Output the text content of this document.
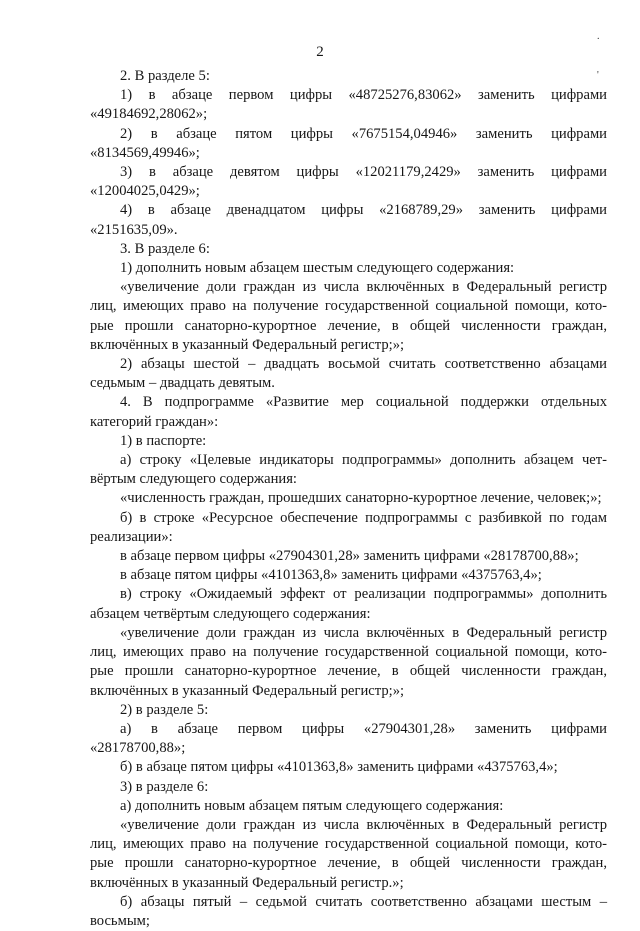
2
.
'

2. В разделе 5:

1) в абзаце первом цифры «48725276,83062» заменить цифрами

«49184692,28062»;

2) в абзаце пятом цифры «7675154,04946» заменить цифрами

«8134569,49946»;

3) в абзаце девятом цифры «12021179,2429» заменить цифрами

«12004025,0429»;

4) в абзаце двенадцатом цифры «2168789,29» заменить цифрами

«2151635,09».

3. В разделе 6:

1) дополнить новым абзацем шестым следующего содержания:

«увеличение доли граждан из числа включённых в Федеральный регистр

лиц, имеющих право на получение государственной социальной помощи, кото-

рые прошли санаторно-курортное лечение, в общей численности граждан,

включённых в указанный Федеральный регистр;»;

2) абзацы шестой – двадцать восьмой считать соответственно абзацами

седьмым – двадцать девятым.

4. В подпрограмме «Развитие мер социальной поддержки отдельных

категорий граждан»:

1) в паспорте:

а) строку «Целевые индикаторы подпрограммы» дополнить абзацем чет-

вёртым следующего содержания:

«численность граждан, прошедших санаторно-курортное лечение, человек;»;

б) в строке «Ресурсное обеспечение подпрограммы с разбивкой по годам

реализации»:

в абзаце первом цифры «27904301,28» заменить цифрами «28178700,88»;

в абзаце пятом цифры «4101363,8» заменить цифрами «4375763,4»;

в) строку «Ожидаемый эффект от реализации подпрограммы» дополнить

абзацем четвёртым следующего содержания:

«увеличение доли граждан из числа включённых в Федеральный регистр

лиц, имеющих право на получение государственной социальной помощи, кото-

рые прошли санаторно-курортное лечение, в общей численности граждан,

включённых в указанный Федеральный регистр;»;

2) в разделе 5:

а) в абзаце первом цифры «27904301,28» заменить цифрами

«28178700,88»;

б) в абзаце пятом цифры «4101363,8» заменить цифрами «4375763,4»;

3) в разделе 6:

а) дополнить новым абзацем пятым следующего содержания:

«увеличение доли граждан из числа включённых в Федеральный регистр

лиц, имеющих право на получение государственной социальной помощи, кото-

рые прошли санаторно-курортное лечение, в общей численности граждан,

включённых в указанный Федеральный регистр.»;

б) абзацы пятый – седьмой считать соответственно абзацами шестым –

восьмым;
